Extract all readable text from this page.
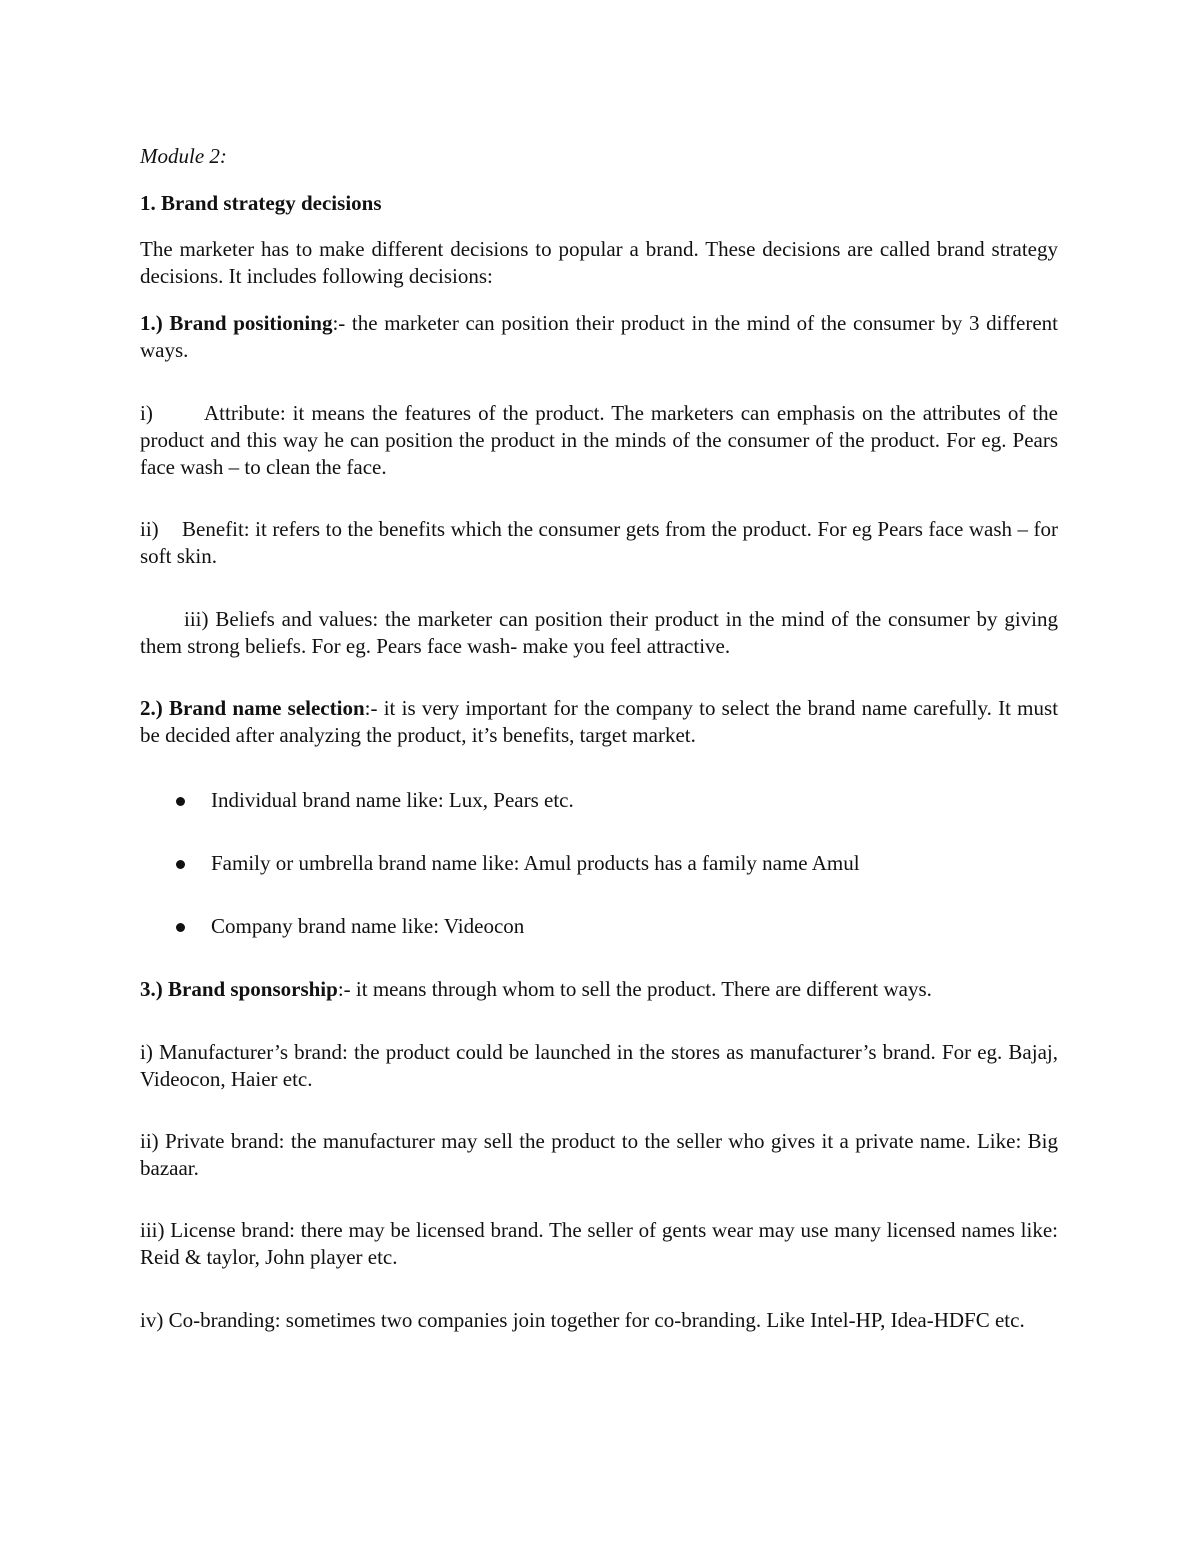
Module 2:

1. Brand strategy decisions

The marketer has to make different decisions to popular a brand. These decisions are called brand strategy decisions. It includes following decisions:

1.) Brand positioning:- the marketer can position their product in the mind of the consumer by 3 different ways.

i) Attribute: it means the features of the product. The marketers can emphasis on the attributes of the product and this way he can position the product in the minds of the consumer of the product. For eg. Pears face wash – to clean the face.

ii) Benefit: it refers to the benefits which the consumer gets from the product. For eg Pears face wash – for soft skin.

iii) Beliefs and values: the marketer can position their product in the mind of the consumer by giving them strong beliefs. For eg. Pears face wash- make you feel attractive.

2.) Brand name selection:- it is very important for the company to select the brand name carefully. It must be decided after analyzing the product, it’s benefits, target market.

Individual brand name like: Lux, Pears etc.
Family or umbrella brand name like: Amul products has a family name Amul
Company brand name like: Videocon

3.) Brand sponsorship:- it means through whom to sell the product. There are different ways.

i) Manufacturer’s brand: the product could be launched in the stores as manufacturer’s brand. For eg. Bajaj, Videocon, Haier etc.

ii) Private brand: the manufacturer may sell the product to the seller who gives it a private name. Like: Big bazaar.

iii) License brand: there may be licensed brand. The seller of gents wear may use many licensed names like: Reid & taylor, John player etc.

iv) Co-branding: sometimes two companies join together for co-branding. Like Intel-HP, Idea-HDFC etc.
